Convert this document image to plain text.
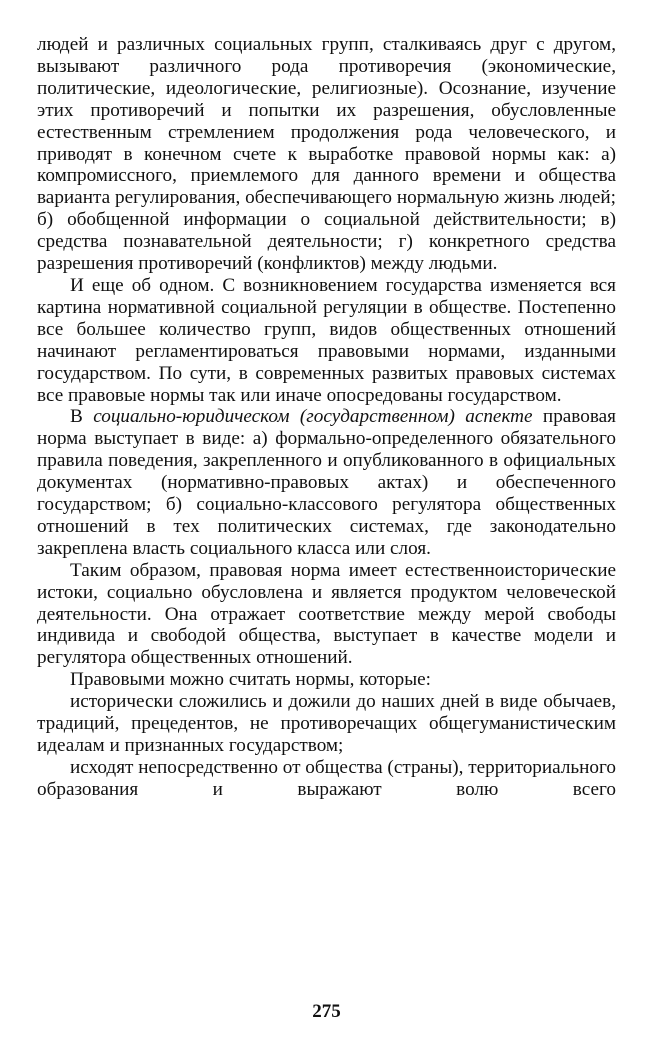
людей и различных социальных групп, сталкиваясь друг с другом, вызывают различного рода противоречия (экономические, политические, идеологические, религиозные). Осознание, изучение этих противоречий и попытки их разрешения, обусловленные естественным стремлением продолжения рода человеческого, и приводят в конечном счете к выработке правовой нормы как: а) компромиссного, приемлемого для данного времени и общества варианта регулирования, обеспечивающего нормальную жизнь людей; б) обобщенной информации о социальной действительности; в) средства познавательной деятельности; г) конкретного средства разрешения противоречий (конфликтов) между людьми.

И еще об одном. С возникновением государства изменяется вся картина нормативной социальной регуляции в обществе. Постепенно все большее количество групп, видов общественных отношений начинают регламентироваться правовыми нормами, изданными государством. По сути, в современных развитых правовых системах все правовые нормы так или иначе опосредованы государством.

В социально-юридическом (государственном) аспекте правовая норма выступает в виде: а) формально-определенного обязательного правила поведения, закрепленного и опубликованного в официальных документах (нормативно-правовых актах) и обеспеченного государством; б) социально-классового регулятора общественных отношений в тех политических системах, где законодательно закреплена власть социального класса или слоя.

Таким образом, правовая норма имеет естественноисторические истоки, социально обусловлена и является продуктом человеческой деятельности. Она отражает соответствие между мерой свободы индивида и свободой общества, выступает в качестве модели и регулятора общественных отношений.

Правовыми можно считать нормы, которые:

исторически сложились и дожили до наших дней в виде обычаев, традиций, прецедентов, не противоречащих общегуманистическим идеалам и признанных государством;

исходят непосредственно от общества (страны), территориального образования и выражают волю всего

275
